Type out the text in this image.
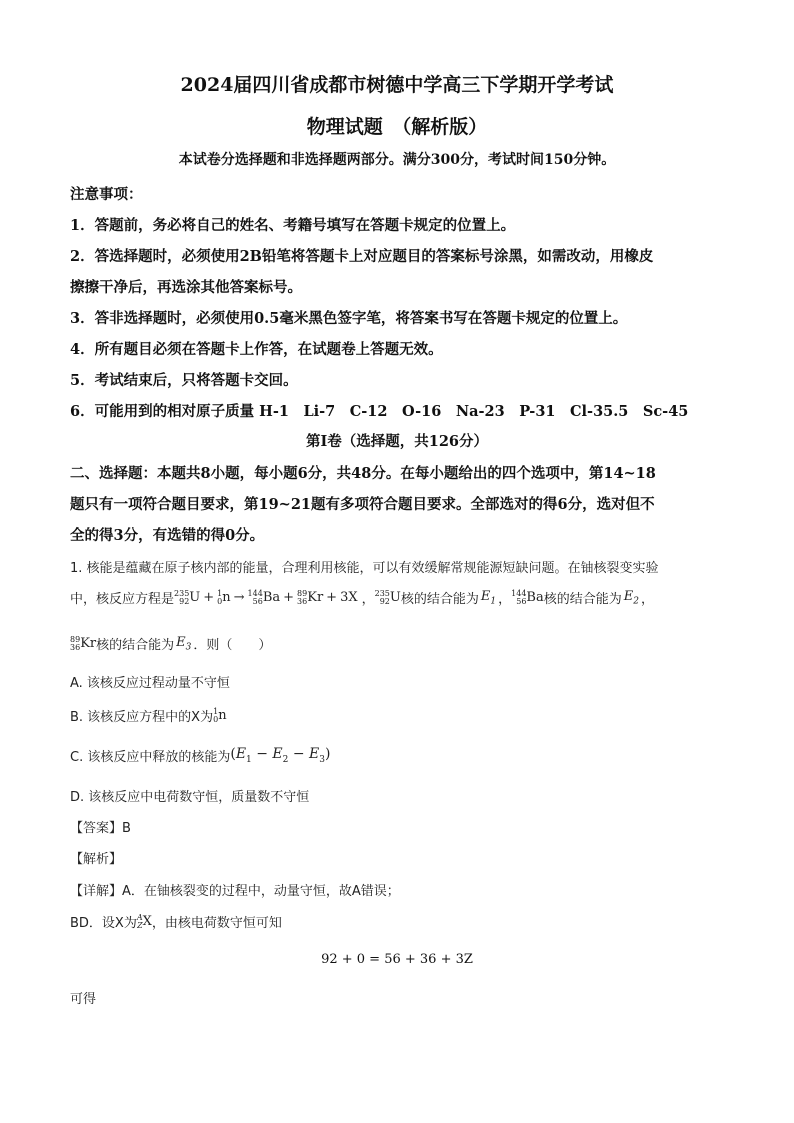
2024届四川省成都市树德中学高三下学期开学考试
物理试题　（解析版）
本试卷分选择题和非选择题两部分。满分300分，考试时间150分钟。
注意事项：
1．答题前，务必将自己的姓名、考籍号填写在答题卡规定的位置上。
2．答选择题时，必须使用2B铅笔将答题卡上对应题目的答案标号涂黑，如需改动，用橡皮
擦擦干净后，再选涂其他答案标号。
3．答非选择题时，必须使用0.5毫米黑色签字笔，将答案书写在答题卡规定的位置上。
4．所有题目必须在答题卡上作答，在试题卷上答题无效。
5．考试结束后，只将答题卡交回。
6．可能用到的相对原子质量 H-1　Li-7　C-12　O-16　Na-23　P-31　Cl-35.5　Sc-45
第Ⅰ卷（选择题，共126分）
二、选择题：本题共8小题，每小题6分，共48分。在每小题给出的四个选项中，第14~18
题只有一项符合题目要求，第19~21题有多项符合题目要求。全部选对的得6分，选对但不
全的得3分，有选错的得0分。
1. 核能是蕴藏在原子核内部的能量，合理利用核能，可以有效缓解常规能源短缺问题。在铀核裂变实验
中，核反应方程是 235
92 U + 1
0 n → 144
56 Ba + 89
36 Kr + 3X ， 235
92 U 核的结合能为 $E_1$ ， 144
56 Ba 核的结合能为 $E_2$ ，
89
36 Kr 核的结合能为 $E_3$ ．则（　　）
A. 该核反应过程动量不守恒
B. 该核反应方程中的X为 1
0 n
C. 该核反应中释放的核能为 $(E_1 - E_2 - E_3)$
D. 该核反应中电荷数守恒，质量数不守恒
【答案】B
【解析】
【详解】A．在铀核裂变的过程中，动量守恒，故A错误；
BD．设X为 A
Z X ，由核电荷数守恒可知
92 + 0 = 56 + 36 + 3Z
可得
